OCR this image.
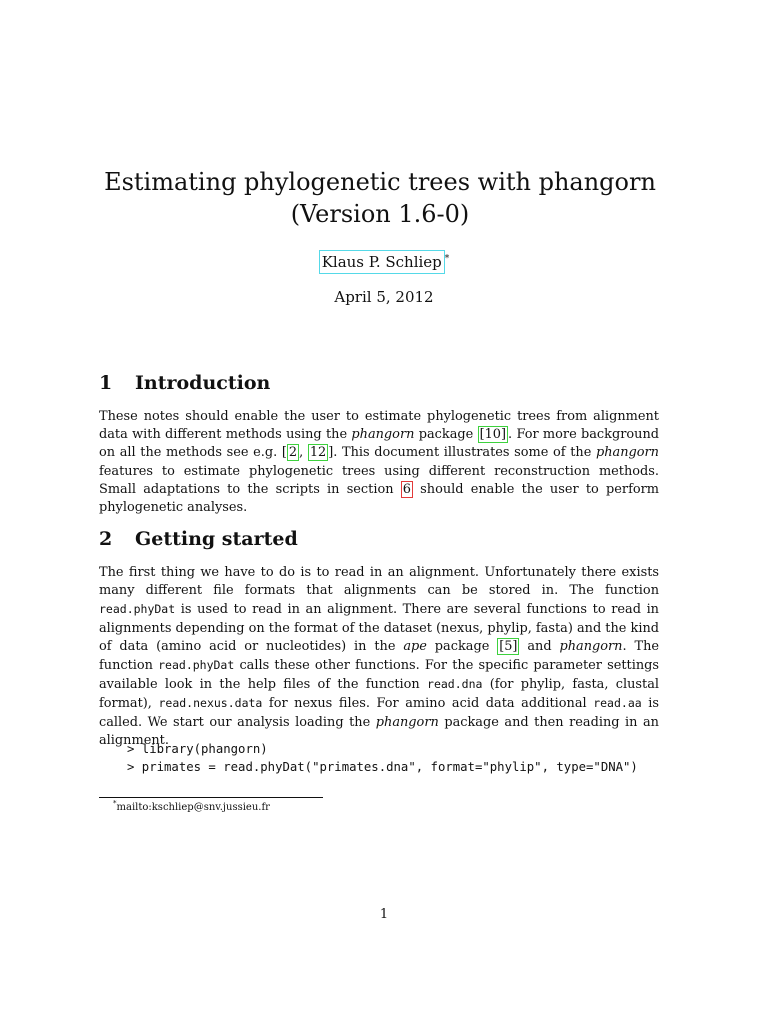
Estimating phylogenetic trees with phangorn (Version 1.6-0)
Klaus P. Schliep *
April 5, 2012
1 Introduction

These notes should enable the user to estimate phylogenetic trees from alignment data with different methods using the phangorn package [10] . For more background on all the methods see e.g. [ 2 , 12 ]. This document illustrates some of the phangorn features to estimate phylogenetic trees using different reconstruction methods. Small adaptations to the scripts in section 6 should enable the user to perform phylogenetic analyses.

2 Getting started

The first thing we have to do is to read in an alignment. Unfortunately there exists many different file formats that alignments can be stored in. The function read.phyDat is used to read in an alignment. There are several functions to read in alignments depending on the format of the dataset (nexus, phylip, fasta) and the kind of data (amino acid or nucleotides) in the ape package [5] and phangorn. The function read.phyDat calls these other functions. For the specific parameter settings available look in the help files of the function read.dna (for phylip, fasta, clustal format), read.nexus.data for nexus files. For amino acid data additional read.aa is called. We start our analysis loading the phangorn package and then reading in an alignment.

> library(phangorn)
> primates = read.phyDat("primates.dna", format="phylip", type="DNA")
*mailto:kschliep@snv.jussieu.fr
1
